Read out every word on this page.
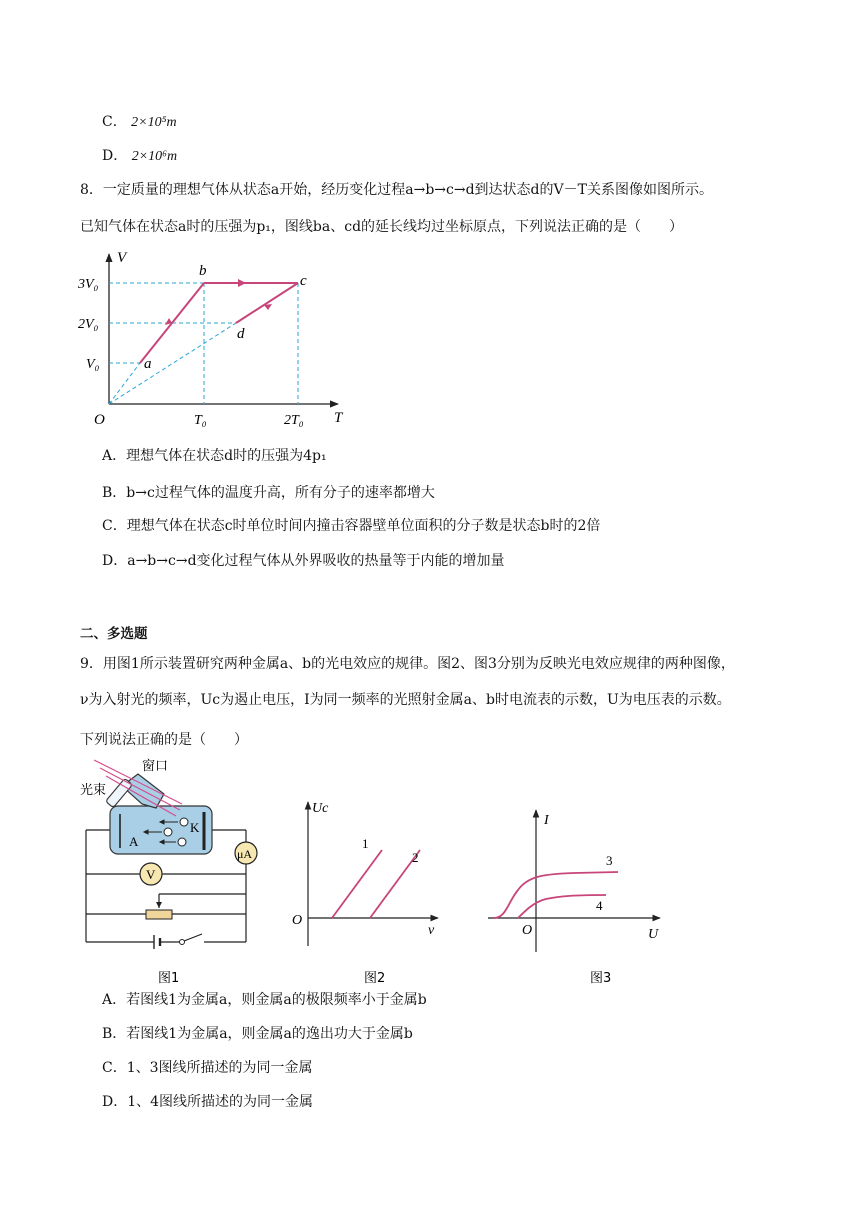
C． 2×10⁵m
D． 2×10⁶m
8．一定质量的理想气体从状态a开始，经历变化过程a→b→c→d到达状态d的V－T关系图像如图所示。
已知气体在状态a时的压强为p₁，图线ba、cd的延长线均过坐标原点，下列说法正确的是（　　）
V
T
O
3V₀
2V₀
V₀
T₀	2T₀
a
b
c
d
A．理想气体在状态d时的压强为4p₁
B．b→c过程气体的温度升高，所有分子的速率都增大
C．理想气体在状态c时单位时间内撞击容器壁单位面积的分子数是状态b时的2倍
D．a→b→c→d变化过程气体从外界吸收的热量等于内能的增加量
二、多选题
9．用图1所示装置研究两种金属a、b的光电效应的规律。图2、图3分别为反映光电效应规律的两种图像，
ν为入射光的频率，Uc为遏止电压，I为同一频率的光照射金属a、b时电流表的示数，U为电压表的示数。
下列说法正确的是（　　）
A
K
V
μA
窗口
光束
图1
Uc
ν
O
1
2
图2
I
U
O
3
4
图3
A．若图线1为金属a，则金属a的极限频率小于金属b
B．若图线1为金属a，则金属a的逸出功大于金属b
C．1、3图线所描述的为同一金属
D．1、4图线所描述的为同一金属
